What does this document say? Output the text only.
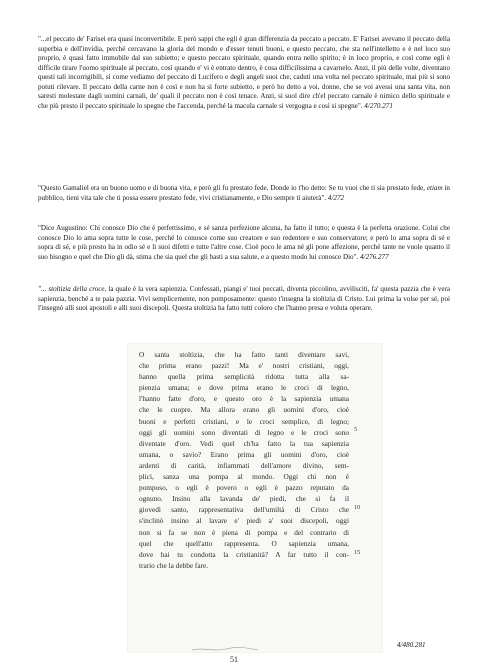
"...el peccato de' Farisei era quasi inconvertibile. E però sappi che egli è gran differenzia da peccato a peccato. E' Farisei avevano il peccato della superbia e dell'invidia, perché cercavano la gloria del mondo e d'esser tenuti buoni, e questo peccato, che sta nell'intelletto e è nel loco suo proprio, è quasi fatto immobile dal suo subietto; e questo peccato spirituale, quando entra nello spirito; è in loco proprio, e così come egli è difficile tirare l'uomo spirituale al peccato, così quando e' vi è entrato dentro, è cosa difficilissima a cavarnelo. Anzi, il più delle volte, diventano questi tali incorrigibili, sì come vediamo del peccato di Lucifero e degli angeli suoi che, caduti una volta nel peccato spirituale, mai più si sono potuti rilevare. Il peccato della carne non è così e non ha sì forte subietto, e però ho detto a voi, donne, che se voi avessi una santa vita, non saresti molestate dagli uomini carnali, de' quali il peccato non è così tenace. Anzi, si suol dire ch'el peccato carnale è nimico dello spirituale e che più presto il peccato spirituale lo spegne che l'accenda, perché la macula carnale si vergogna e così si spegne". 4/270.271

"Questo Gamaliel era un buono uomo e di buona vita, e però gli fu prestato fede. Donde io t'ho detto: Se tu vuoi che ti sia prestato fede, etiam in pubblico, tieni vita tale che ti possa essere prestato fede, vivi cristianamente, e Dio sempre ti aiuterà". 4/272

"Dice Augustino: Chi conosce Dio che è perfettissimo, e sé sanza perfezione alcuna, ha fatto il tutto; e questa è la perfetta orazione. Colui che conosce Dio lo ama sopra tutte le cose, perché lo conosce come suo creatore e suo redentore e suo conservatore; e però lo ama sopra di sé e sopra di sé, e più presto ha in odio sé e li suoi difetti e tutte l'altre cose. Cioè poco le ama né gli pone affezione, perché tante ne vuole quanto il suo bisogno e quel che Dio gli dà, stima che sia quel che gli basti a sua salute, e a questo modo lui conosce Dio". 4/276.277

"... stoltizia della croce, la quale è la vera sapienzia. Confessati, piangi e' tuoi peccati, diventa piccolino, avvilisciti, fa' questa pazzia che è vera sapienzia, benché a te paia pazzia. Vivi semplicemente, non pomposamente: questo t'insegna la stoltizia di Cristo. Lui prima la volse per sé, poi l'insegnò alli suoi apostoli e alli suoi discepoli. Questa stoltizia ha fatto tutti coloro che l'hanno presa e voluta operare.

O santa stoltizia, che ha fatto tanti diventare savi,
che prima erano pazzi! Ma e' nostri cristiani, oggi,
hanno quella prima semplicità ridotta tutta alla sa-
pienzia umana; e dove prima erano le croci di legno,
l'hanno fatte d'oro, e questo oro è la sapienzia umana
che le cuopre. Ma allora erano gli uomini d'oro, cioè
buoni e perfetti cristiani, e le croci semplice, di legno;
oggi gli uomini sono diventati di legno e le croci sono
diventate d'oro. Vedi quel ch'ha fatto la tua sapienzia
umana, o savio? Erano prima gli uomini d'oro, cioè
ardenti di carità, infiammati dell'amore divino, sem-
plici, sanza una pompa al mondo. Oggi chi non è
pomposo, o egli è povero o egli è pazzo reputato da
ognuno. Insino alla lavanda de' piedi, che si fa il
giovedì santo, rappresentativa dell'umiltà di Cristo che
s'inclinò insino al lavare e' piedi a' suoi discepoli, oggi
non si fa se non è piena di pompa e del contrario di
quel che quell'atto rappresenta. O sapienzia umana,
dove hai tu condotta la cristianità? A far tutto il con-
trario che la debbe fare.
5
10
15
4/480.281
51
